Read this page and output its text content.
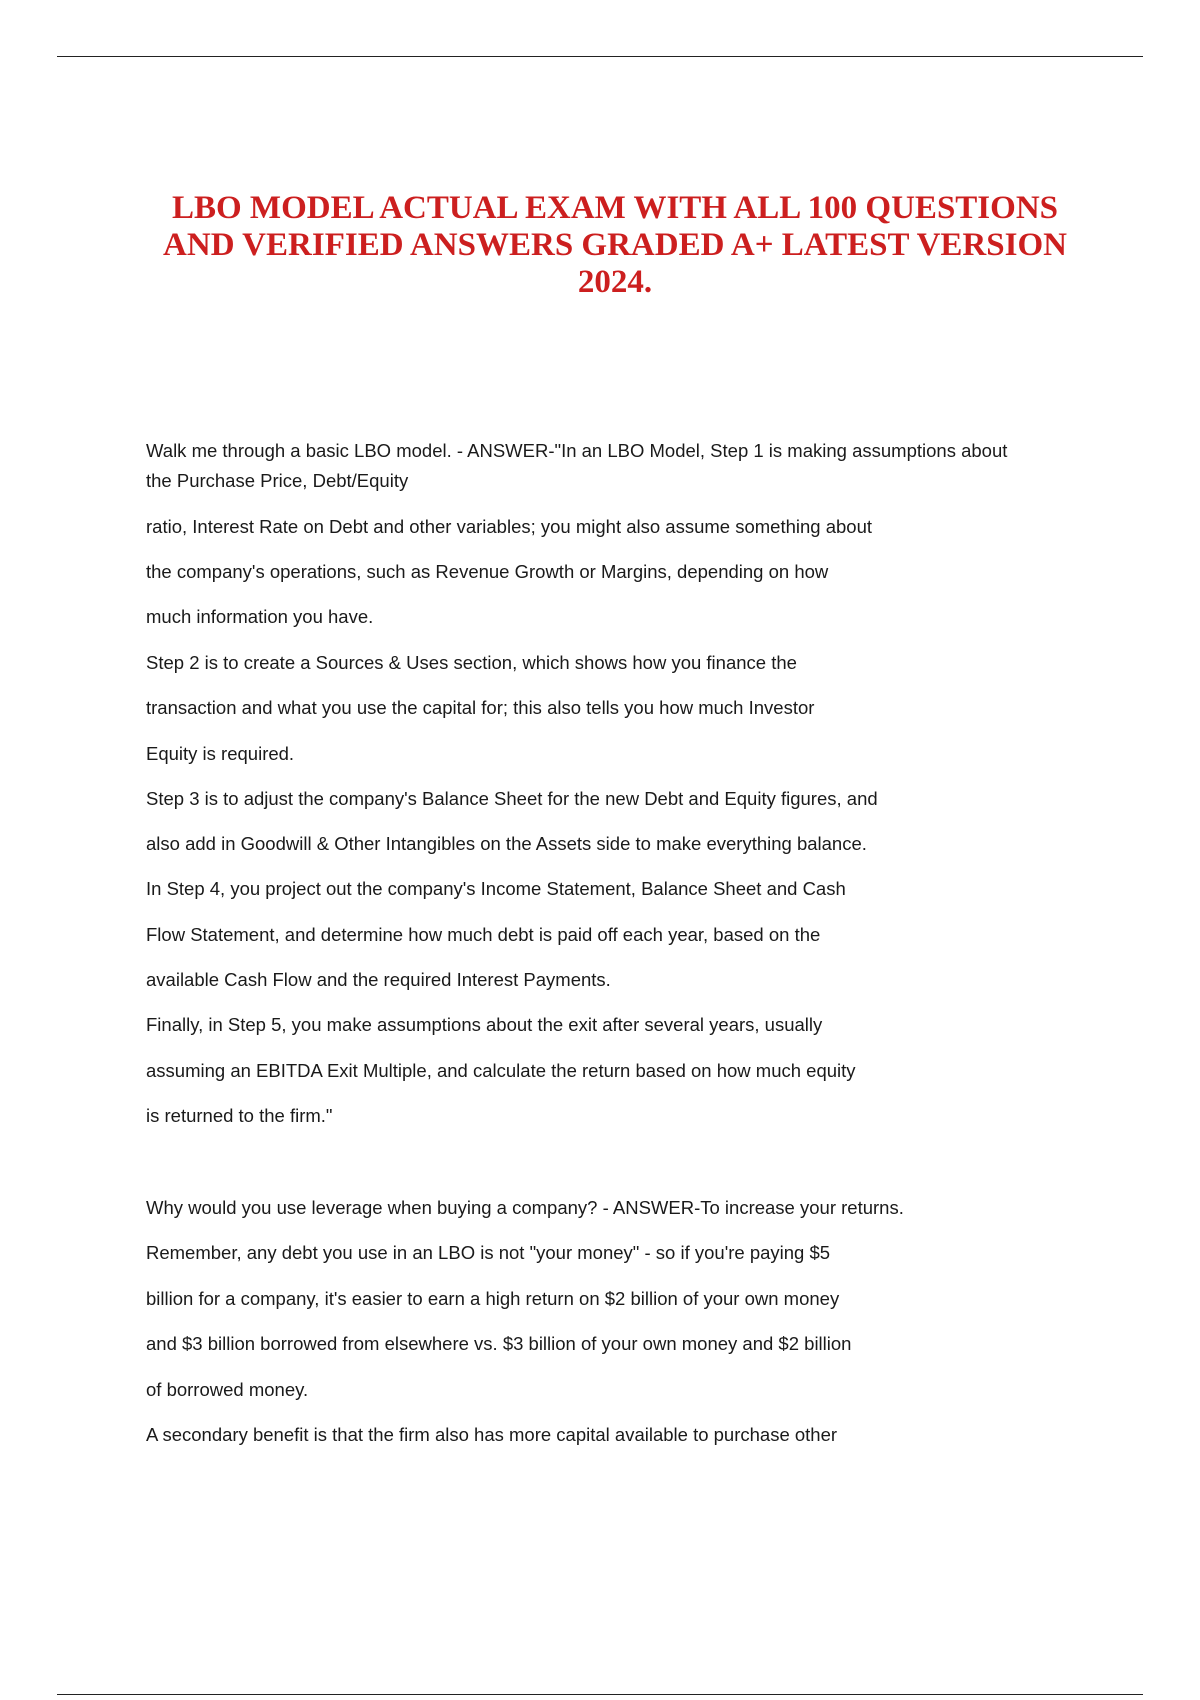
LBO MODEL ACTUAL EXAM WITH ALL 100 QUESTIONS
AND VERIFIED ANSWERS GRADED A+ LATEST VERSION
2024.

Walk me through a basic LBO model. - ANSWER-"In an LBO Model, Step 1 is making assumptions about

the Purchase Price, Debt/Equity

ratio, Interest Rate on Debt and other variables; you might also assume something about

the company's operations, such as Revenue Growth or Margins, depending on how

much information you have.

Step 2 is to create a Sources & Uses section, which shows how you finance the

transaction and what you use the capital for; this also tells you how much Investor

Equity is required.

Step 3 is to adjust the company's Balance Sheet for the new Debt and Equity figures, and

also add in Goodwill & Other Intangibles on the Assets side to make everything balance.

In Step 4, you project out the company's Income Statement, Balance Sheet and Cash

Flow Statement, and determine how much debt is paid off each year, based on the

available Cash Flow and the required Interest Payments.

Finally, in Step 5, you make assumptions about the exit after several years, usually

assuming an EBITDA Exit Multiple, and calculate the return based on how much equity

is returned to the firm."

Why would you use leverage when buying a company? - ANSWER-To increase your returns.

Remember, any debt you use in an LBO is not "your money" - so if you're paying $5

billion for a company, it's easier to earn a high return on $2 billion of your own money

and $3 billion borrowed from elsewhere vs. $3 billion of your own money and $2 billion

of borrowed money.

A secondary benefit is that the firm also has more capital available to purchase other
